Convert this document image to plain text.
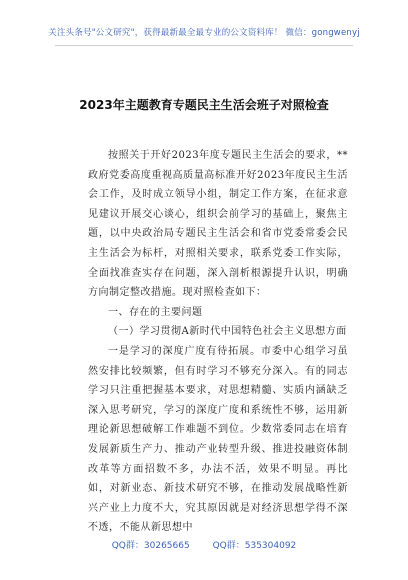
关注头条号"公文研究"，获得最新最全最专业的公文资料库！ 微信：gongwenyj
2023年主题教育专题民主生活会班子对照检查

按照关于开好2023年度专题民主生活会的要求，**政府党委高度重视高质量高标准开好2023年度民主生活会工作，及时成立领导小组，制定工作方案，在征求意见建议开展交心谈心，组织会前学习的基础上，聚焦主题，以中央政治局专题民主生活会和省市党委常委会民主生活会为标杆，对照相关要求，联系党委工作实际，全面找准查实存在问题，深入剖析根源提升认识，明确方向制定整改措施。现对照检查如下：

一、存在的主要问题

（一）学习贯彻A新时代中国特色社会主义思想方面

一是学习的深度广度有待拓展。市委中心组学习虽然安排比较频繁，但有时学习不够充分深入。有的同志学习只注重把握基本要求，对思想精髓、实质内涵缺乏深入思考研究，学习的深度广度和系统性不够，运用新理论新思想破解工作难题不到位。少数常委同志在培育发展新质生产力、推动产业转型升级、推进投融资体制改革等方面招数不多，办法不活，效果不明显。再比如，对新业态、新技术研究不够，在推动发展战略性新兴产业上力度不大，究其原因就是对经济思想学得不深不透，不能从新思想中

QQ群：30265665	QQ群：535304092
